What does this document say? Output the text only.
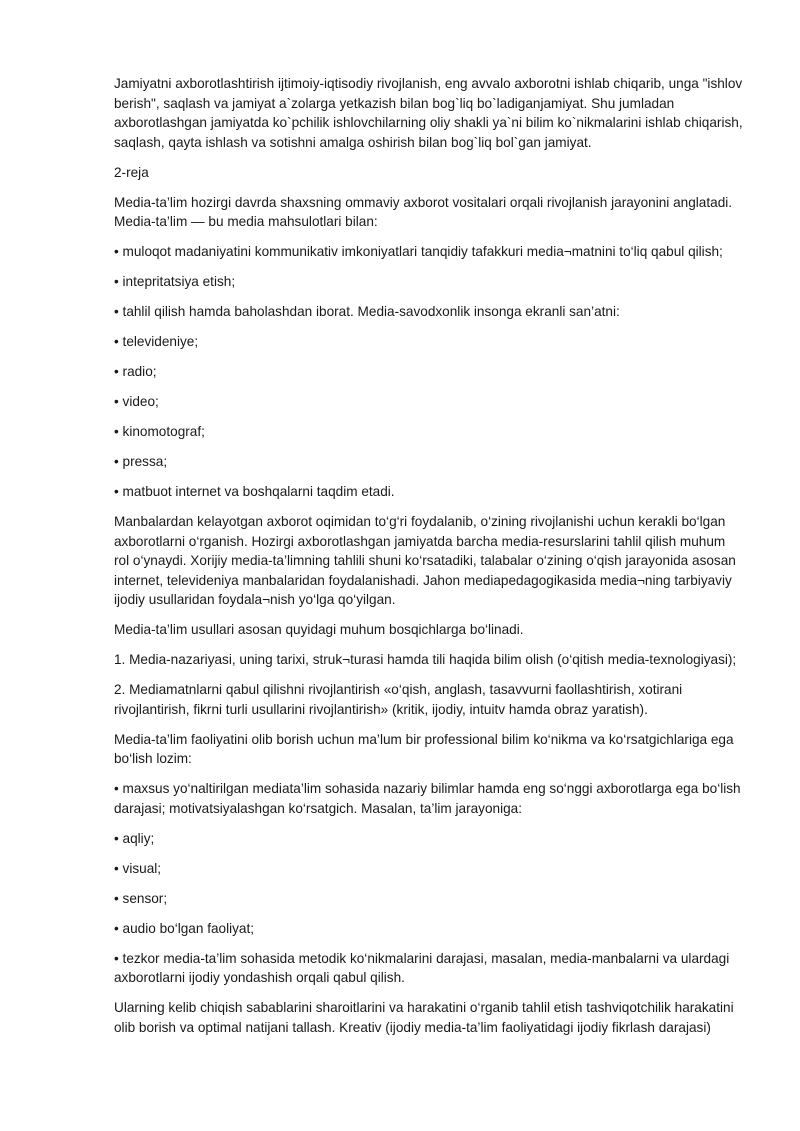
Jamiyatni axborotlashtirish ijtimoiy-iqtisodiy rivojlanish, eng avvalo axborotni ishlab chiqarib, unga "ishlov berish", saqlash va jamiyat a`zolarga yetkazish bilan bog`liq bo`ladiganjamiyat. Shu jumladan axborotlashgan jamiyatda ko`pchilik ishlovchilarning oliy shakli ya`ni bilim ko`nikmalarini ishlab chiqarish, saqlash, qayta ishlash va sotishni amalga oshirish bilan bog`liq bol`gan jamiyat.

2-reja

Media-ta’lim hozirgi davrda shaxsning ommaviy axborot vositalari orqali rivojlanish jarayonini anglatadi. Media-ta’lim — bu media mahsulotlari bilan:

• muloqot madaniyatini kommunikativ imkoniyatlari tanqidiy tafakkuri media¬matnini to‘liq qabul qilish;

• intepritatsiya etish;

• tahlil qilish hamda baholashdan iborat. Media-savodxonlik insonga ekranli san’atni:

• televideniye;

• radio;

• video;

• kinomotograf;

• pressa;

• matbuot internet va boshqalarni taqdim etadi.

Manbalardan kelayotgan axborot oqimidan to‘g‘ri foydalanib, o‘zining rivojlanishi uchun kerakli bo‘lgan axborotlarni o‘rganish. Hozirgi axborotlashgan jamiyatda barcha media-resurslarini tahlil qilish muhum rol o‘ynaydi. Xorijiy media-ta’limning tahlili shuni ko‘rsatadiki, talabalar o‘zining o‘qish jarayonida asosan internet, televideniya manbalaridan foydalanishadi. Jahon mediapedagogikasida media¬ning tarbiyaviy ijodiy usullaridan foydala¬nish yo‘lga qo‘yilgan.

Media-ta’lim usullari asosan quyidagi muhum bosqichlarga bo‘linadi.

1. Media-nazariyasi, uning tarixi, struk¬turasi hamda tili haqida bilim olish (o‘qitish media-texnologiyasi);

2. Mediamatnlarni qabul qilishni rivojlantirish «o‘qish, anglash, tasavvurni faollashtirish, xotirani rivojlantirish, fikrni turli usullarini rivojlantirish» (kritik, ijodiy, intuitv hamda obraz yaratish).

Media-ta’lim faoliyatini olib borish uchun ma’lum bir professional bilim ko‘nikma va ko‘rsatgichlariga ega bo‘lish lozim:

• maxsus yo‘naltirilgan mediata’lim sohasida nazariy bilimlar hamda eng so‘nggi axborotlarga ega bo‘lish darajasi; motivatsiyalashgan ko‘rsatgich. Masalan, ta’lim jarayoniga:

• aqliy;

• visual;

• sensor;

• audio bo‘lgan faoliyat;

• tezkor media-ta’lim sohasida metodik ko‘nikmalarini darajasi, masalan, media-manbalarni va ulardagi axborotlarni ijodiy yondashish orqali qabul qilish.

Ularning kelib chiqish sabablarini sharoitlarini va harakatini o‘rganib tahlil etish tashviqotchilik harakatini olib borish va optimal natijani tallash. Kreativ (ijodiy media-ta’lim faoliyatidagi ijodiy fikrlash darajasi)
